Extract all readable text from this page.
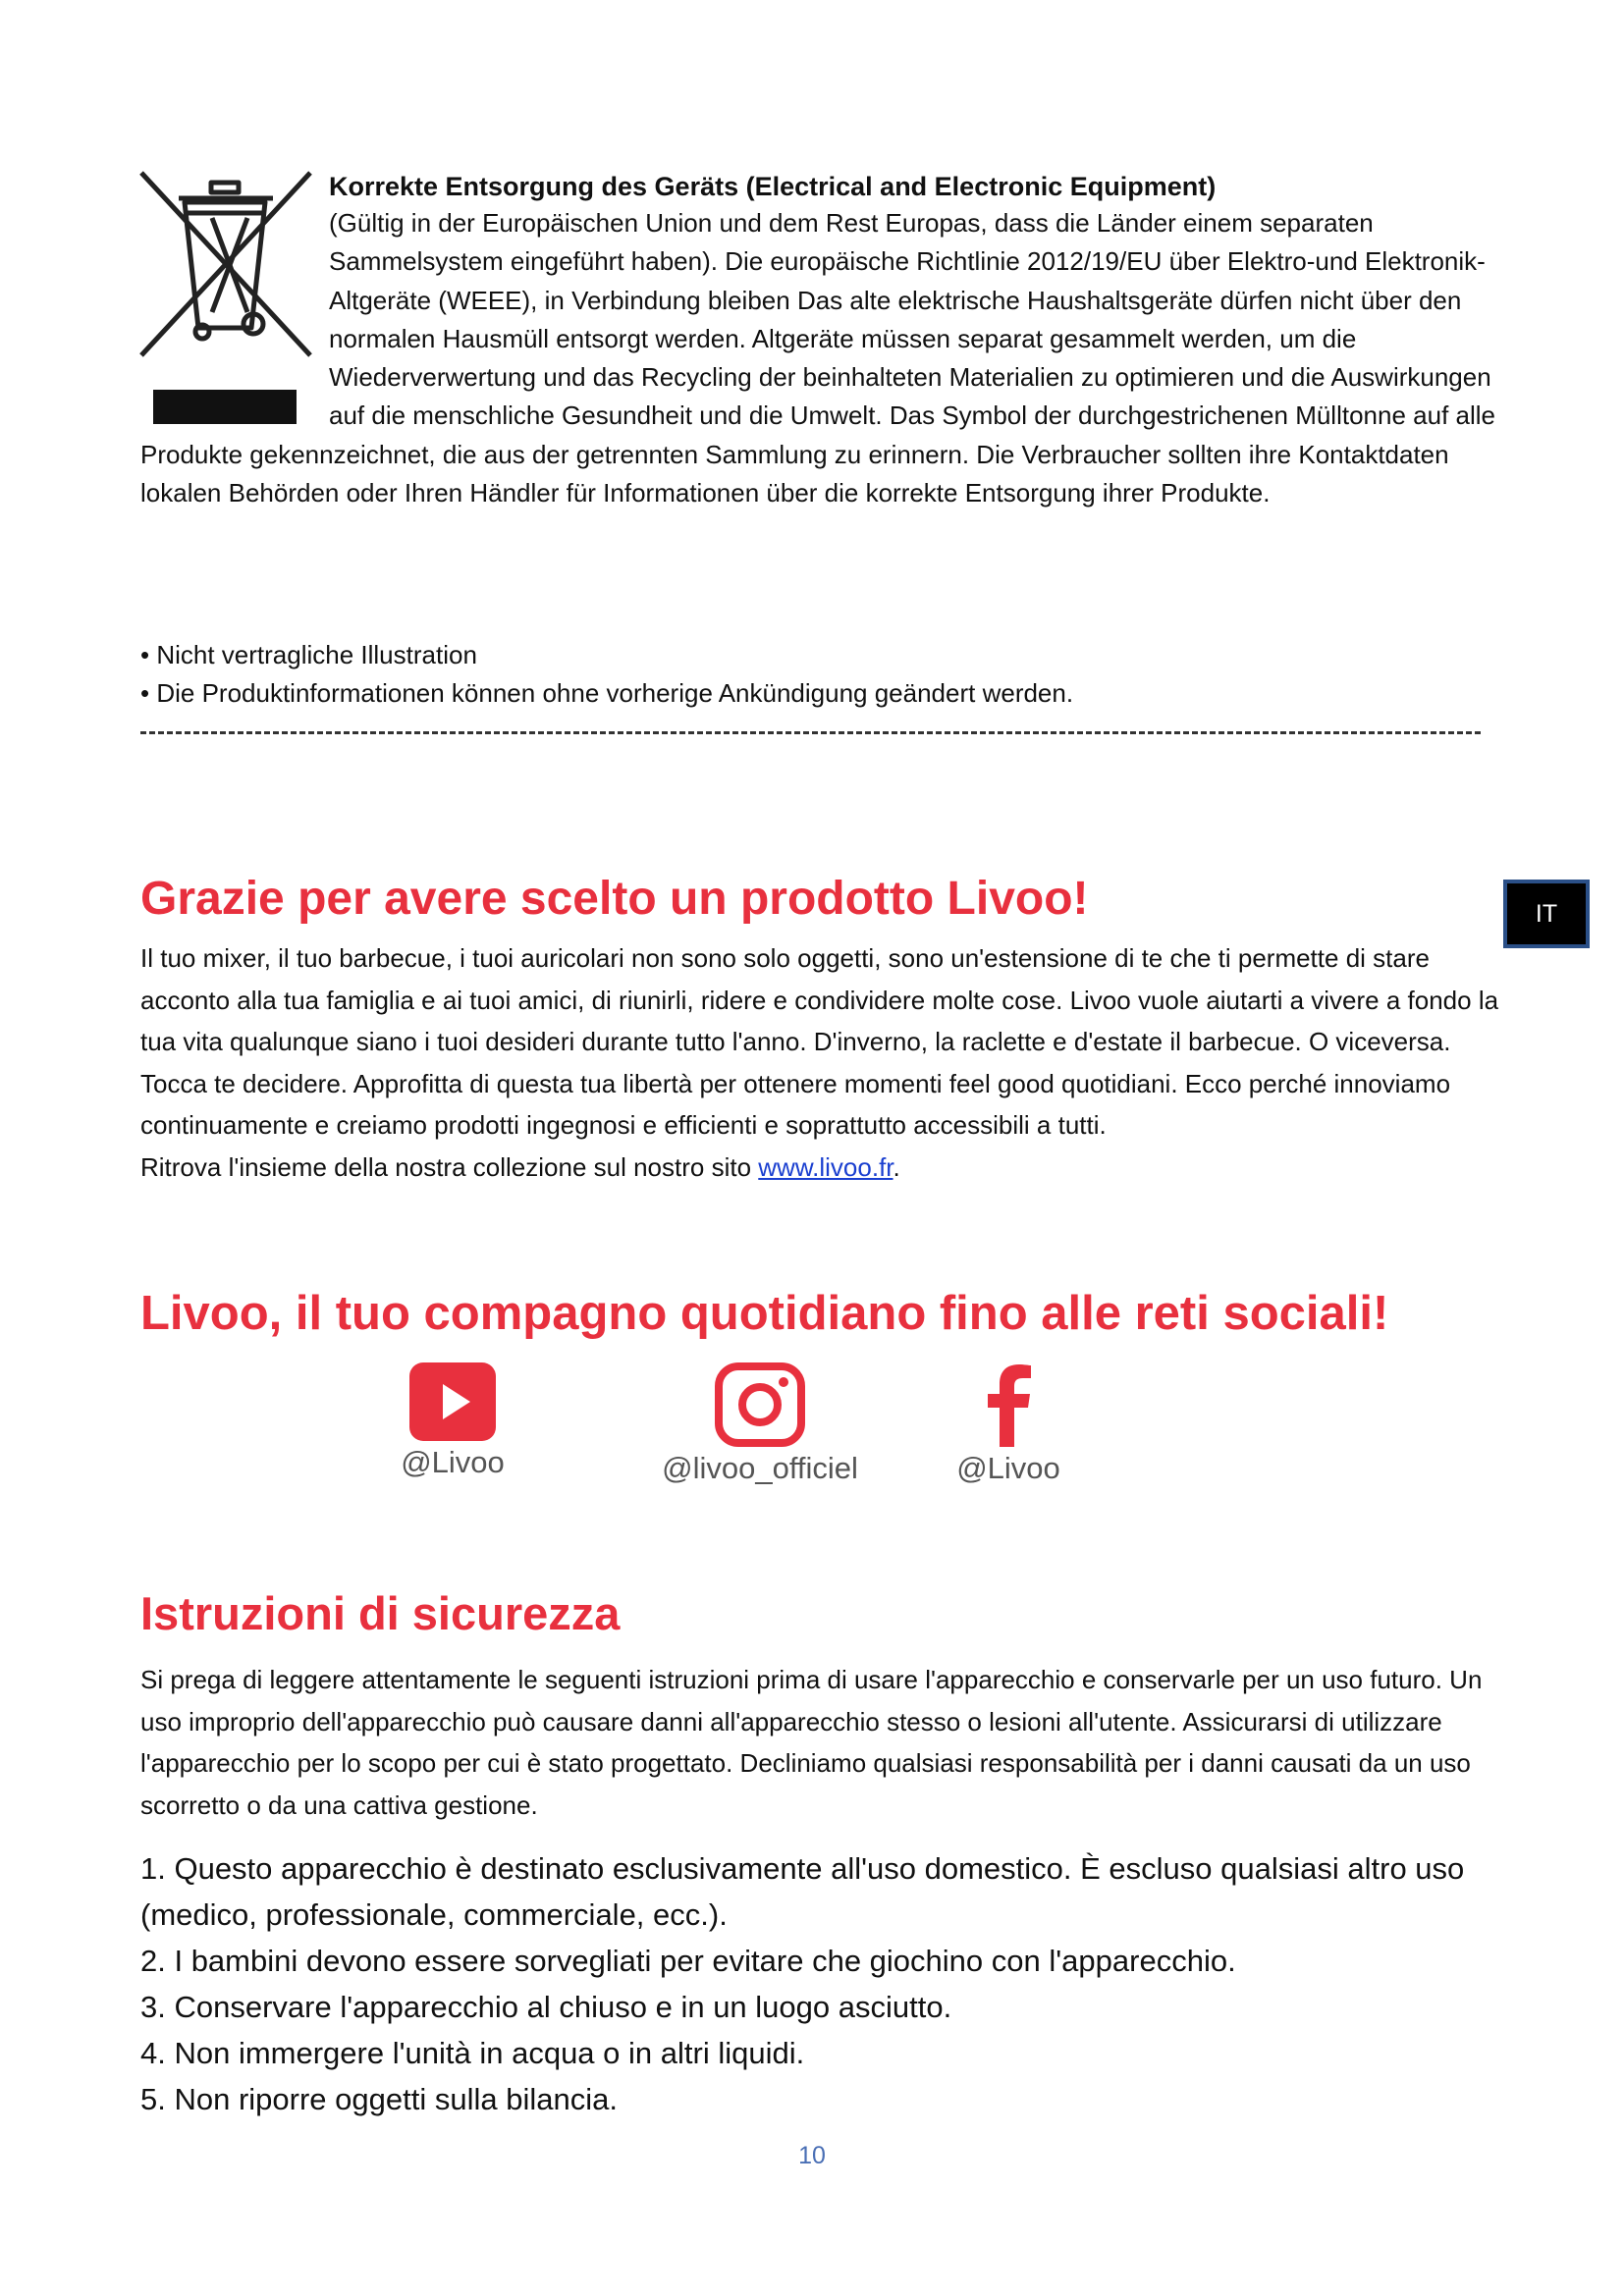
Korrekte Entsorgung des Geräts (Electrical and Electronic Equipment)
(Gültig in der Europäischen Union und dem Rest Europas, dass die Länder einem separaten Sammelsystem eingeführt haben). Die europäische Richtlinie 2012/19/EU über Elektro-und Elektronik-Altgeräte (WEEE), in Verbindung bleiben Das alte elektrische Haushaltsgeräte dürfen nicht über den normalen Hausmüll entsorgt werden. Altgeräte müssen separat gesammelt werden, um die Wiederverwertung und das Recycling der beinhalteten Materialien zu optimieren und die Auswirkungen auf die menschliche Gesundheit und die Umwelt. Das Symbol der durchgestrichenen Mülltonne auf alle Produkte gekennzeichnet, die aus der getrennten Sammlung zu erinnern. Die Verbraucher sollten ihre Kontaktdaten lokalen Behörden oder Ihren Händler für Informationen über die korrekte Entsorgung ihrer Produkte.
• Nicht vertragliche Illustration
• Die Produktinformationen können ohne vorherige Ankündigung geändert werden.
IT
Grazie per avere scelto un prodotto Livoo!
Il tuo mixer, il tuo barbecue, i tuoi auricolari non sono solo oggetti, sono un'estensione di te che ti permette di stare acconto alla tua famiglia e ai tuoi amici, di riunirli, ridere e condividere molte cose. Livoo vuole aiutarti a vivere a fondo la tua vita qualunque siano i tuoi desideri durante tutto l'anno. D'inverno, la raclette e d'estate il barbecue. O viceversa. Tocca te decidere. Approfitta di questa tua libertà per ottenere momenti feel good quotidiani. Ecco perché innoviamo continuamente e creiamo prodotti ingegnosi e efficienti e soprattutto accessibili a tutti.
Ritrova l'insieme della nostra collezione sul nostro sito www.livoo.fr.
Livoo, il tuo compagno quotidiano fino alle reti sociali!
@Livoo	@livoo_officiel	@Livoo
Istruzioni di sicurezza
Si prega di leggere attentamente le seguenti istruzioni prima di usare l'apparecchio e conservarle per un uso futuro. Un uso improprio dell'apparecchio può causare danni all'apparecchio stesso o lesioni all'utente. Assicurarsi di utilizzare l'apparecchio per lo scopo per cui è stato progettato. Decliniamo qualsiasi responsabilità per i danni causati da un uso scorretto o da una cattiva gestione.
1. Questo apparecchio è destinato esclusivamente all'uso domestico. È escluso qualsiasi altro uso (medico, professionale, commerciale, ecc.).
2. I bambini devono essere sorvegliati per evitare che giochino con l'apparecchio.
3. Conservare l'apparecchio al chiuso e in un luogo asciutto.
4. Non immergere l'unità in acqua o in altri liquidi.
5. Non riporre oggetti sulla bilancia.
10
